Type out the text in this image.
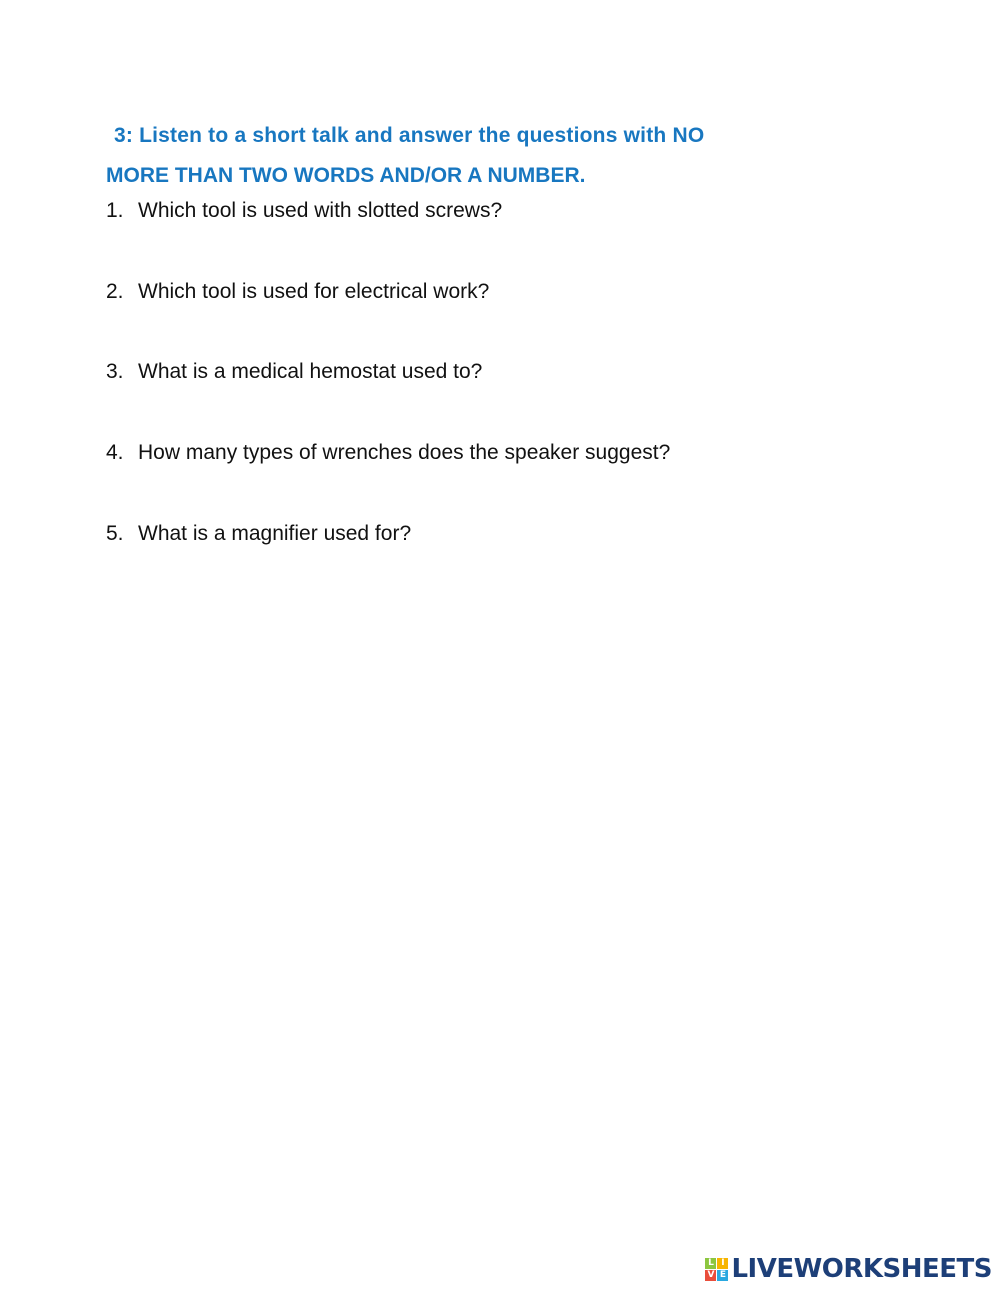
3: Listen to a short talk and answer the questions with NO
MORE THAN TWO WORDS AND/OR A NUMBER.
1. Which tool is used with slotted screws?
2. Which tool is used for electrical work?
3. What is a medical hemostat used to?
4. How many types of wrenches does the speaker suggest?
5. What is a magnifier used for?
L I
V E LIVEWORKSHEETS
